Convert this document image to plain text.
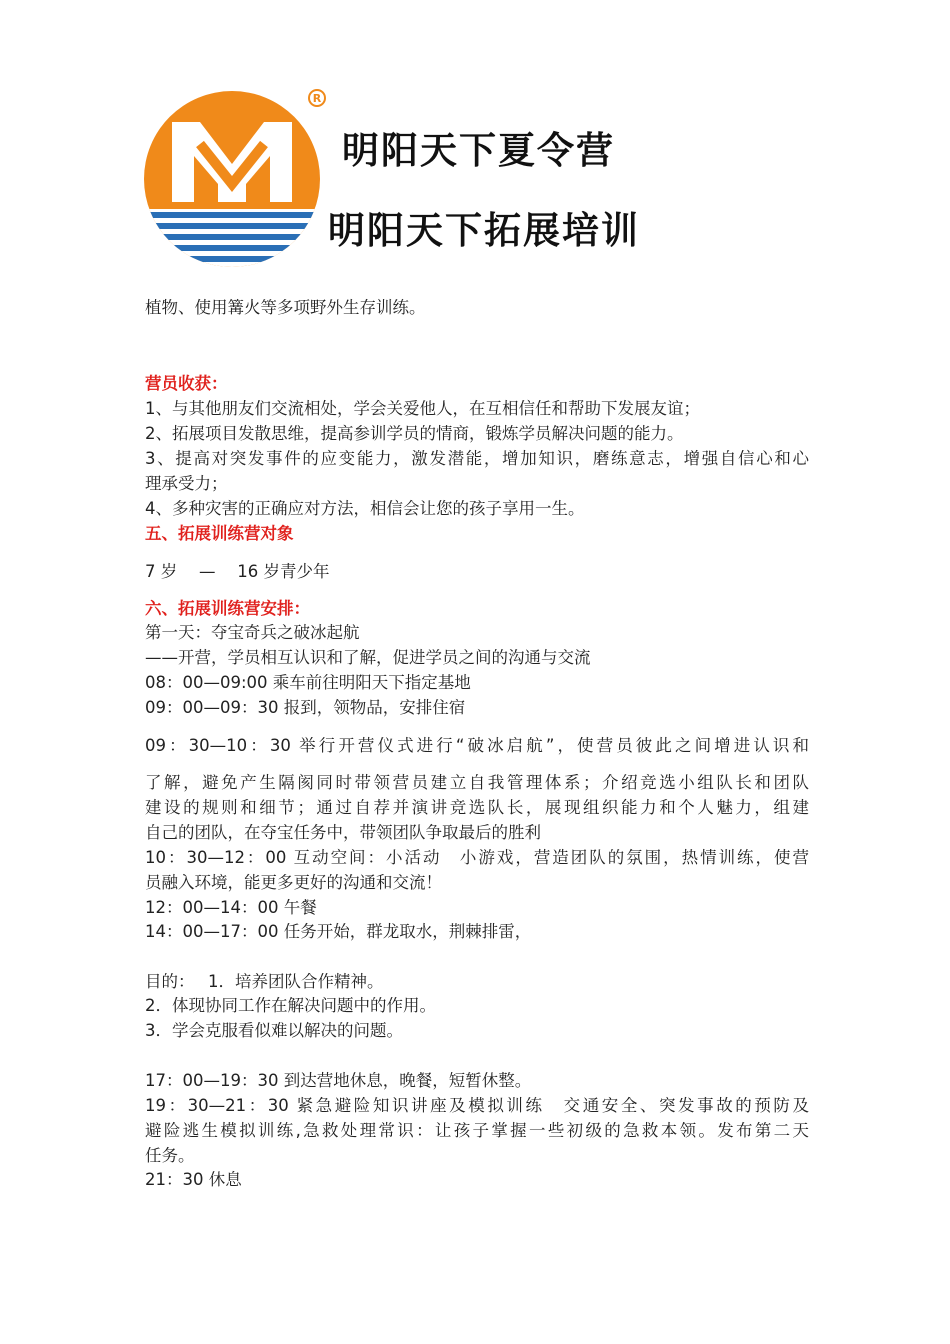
R
明阳天下夏令营
明阳天下拓展培训
植物、使用篝火等多项野外生存训练。
营员收获：
1、与其他朋友们交流相处，学会关爱他人，在互相信任和帮助下发展友谊；
2、拓展项目发散思维，提高参训学员的情商，锻炼学员解决问题的能力。
3、提高对突发事件的应变能力，激发潜能，增加知识，磨练意志，增强自信心和心
理承受力；
4、多种灾害的正确应对方法，相信会让您的孩子享用一生。
五、拓展训练营对象
7 岁　 —　 16 岁青少年
六、拓展训练营安排：
第一天：夺宝奇兵之破冰起航
——开营，学员相互认识和了解，促进学员之间的沟通与交流
08：00—09:00 乘车前往明阳天下指定基地
09：00—09：30 报到，领物品，安排住宿
09：30—10：30 举行开营仪式进行“破冰启航”，使营员彼此之间增进认识和
了解，避免产生隔阂同时带领营员建立自我管理体系；介绍竞选小组队长和团队
建设的规则和细节；通过自荐并演讲竞选队长，展现组织能力和个人魅力，组建
自己的团队，在夺宝任务中，带领团队争取最后的胜利
10：30—12：00 互动空间：小活动　小游戏，营造团队的氛围，热情训练，使营
员融入环境，能更多更好的沟通和交流！
12：00—14：00 午餐
14：00—17：00 任务开始，群龙取水，荆棘排雷，
目的：　 1．培养团队合作精神。
2．体现协同工作在解决问题中的作用。
3．学会克服看似难以解决的问题。
17：00—19：30 到达营地休息，晚餐，短暂休整。
19：30—21：30 紧急避险知识讲座及模拟训练　交通安全、突发事故的预防及
避险逃生模拟训练,急救处理常识：让孩子掌握一些初级的急救本领。发布第二天
任务。
21：30 休息
